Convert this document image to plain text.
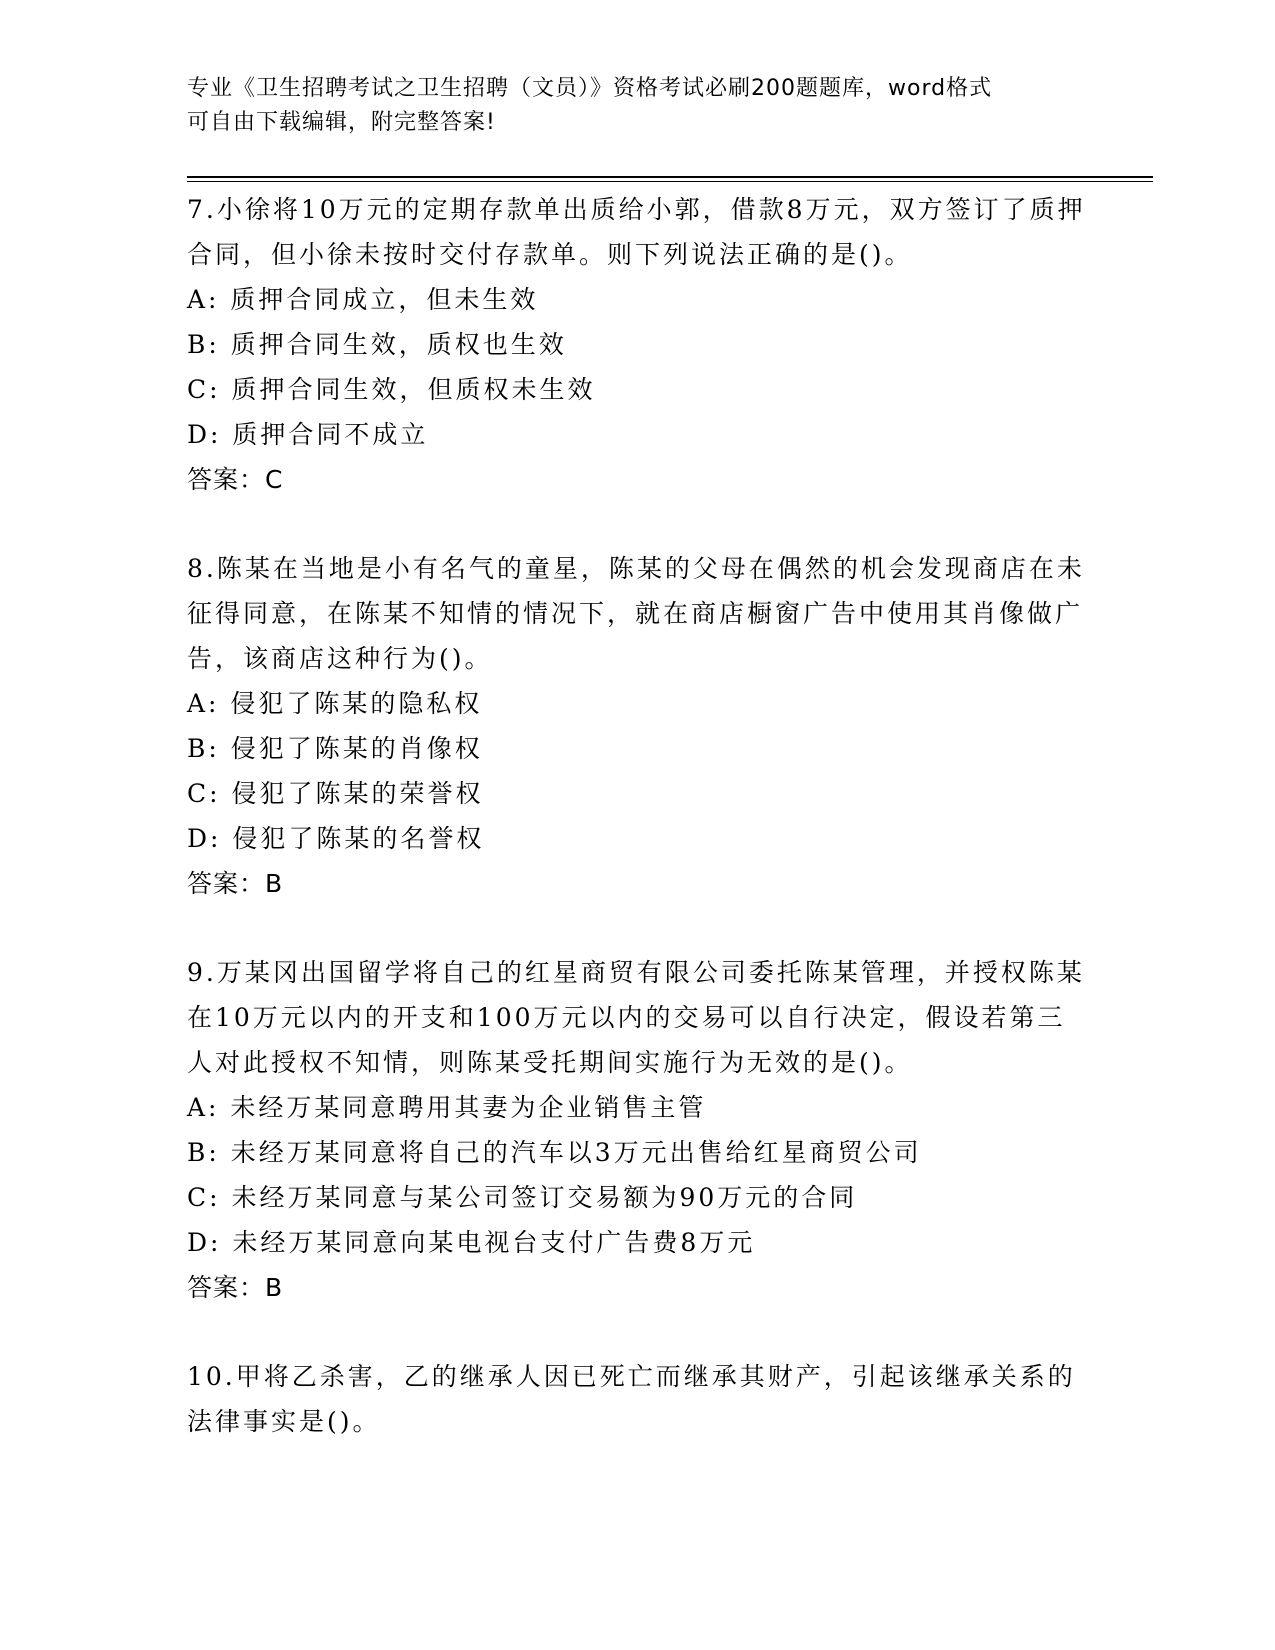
专业《卫生招聘考试之卫生招聘（文员）》资格考试必刷200题题库，word格式
可自由下载编辑，附完整答案!
7.小徐将10万元的定期存款单出质给小郭，借款8万元，双方签订了质押合同，但小徐未按时交付存款单。则下列说法正确的是()。
A: 质押合同成立，但未生效
B: 质押合同生效，质权也生效
C: 质押合同生效，但质权未生效
D: 质押合同不成立
答案：C
8.陈某在当地是小有名气的童星，陈某的父母在偶然的机会发现商店在未征得同意，在陈某不知情的情况下，就在商店橱窗广告中使用其肖像做广告，该商店这种行为()。
A: 侵犯了陈某的隐私权
B: 侵犯了陈某的肖像权
C: 侵犯了陈某的荣誉权
D: 侵犯了陈某的名誉权
答案：B
9.万某冈出国留学将自己的红星商贸有限公司委托陈某管理，并授权陈某在10万元以内的开支和100万元以内的交易可以自行决定，假设若第三人对此授权不知情，则陈某受托期间实施行为无效的是()。
A: 未经万某同意聘用其妻为企业销售主管
B: 未经万某同意将自己的汽车以3万元出售给红星商贸公司
C: 未经万某同意与某公司签订交易额为90万元的合同
D: 未经万某同意向某电视台支付广告费8万元
答案：B
10.甲将乙杀害，乙的继承人因已死亡而继承其财产，引起该继承关系的法律事实是()。
